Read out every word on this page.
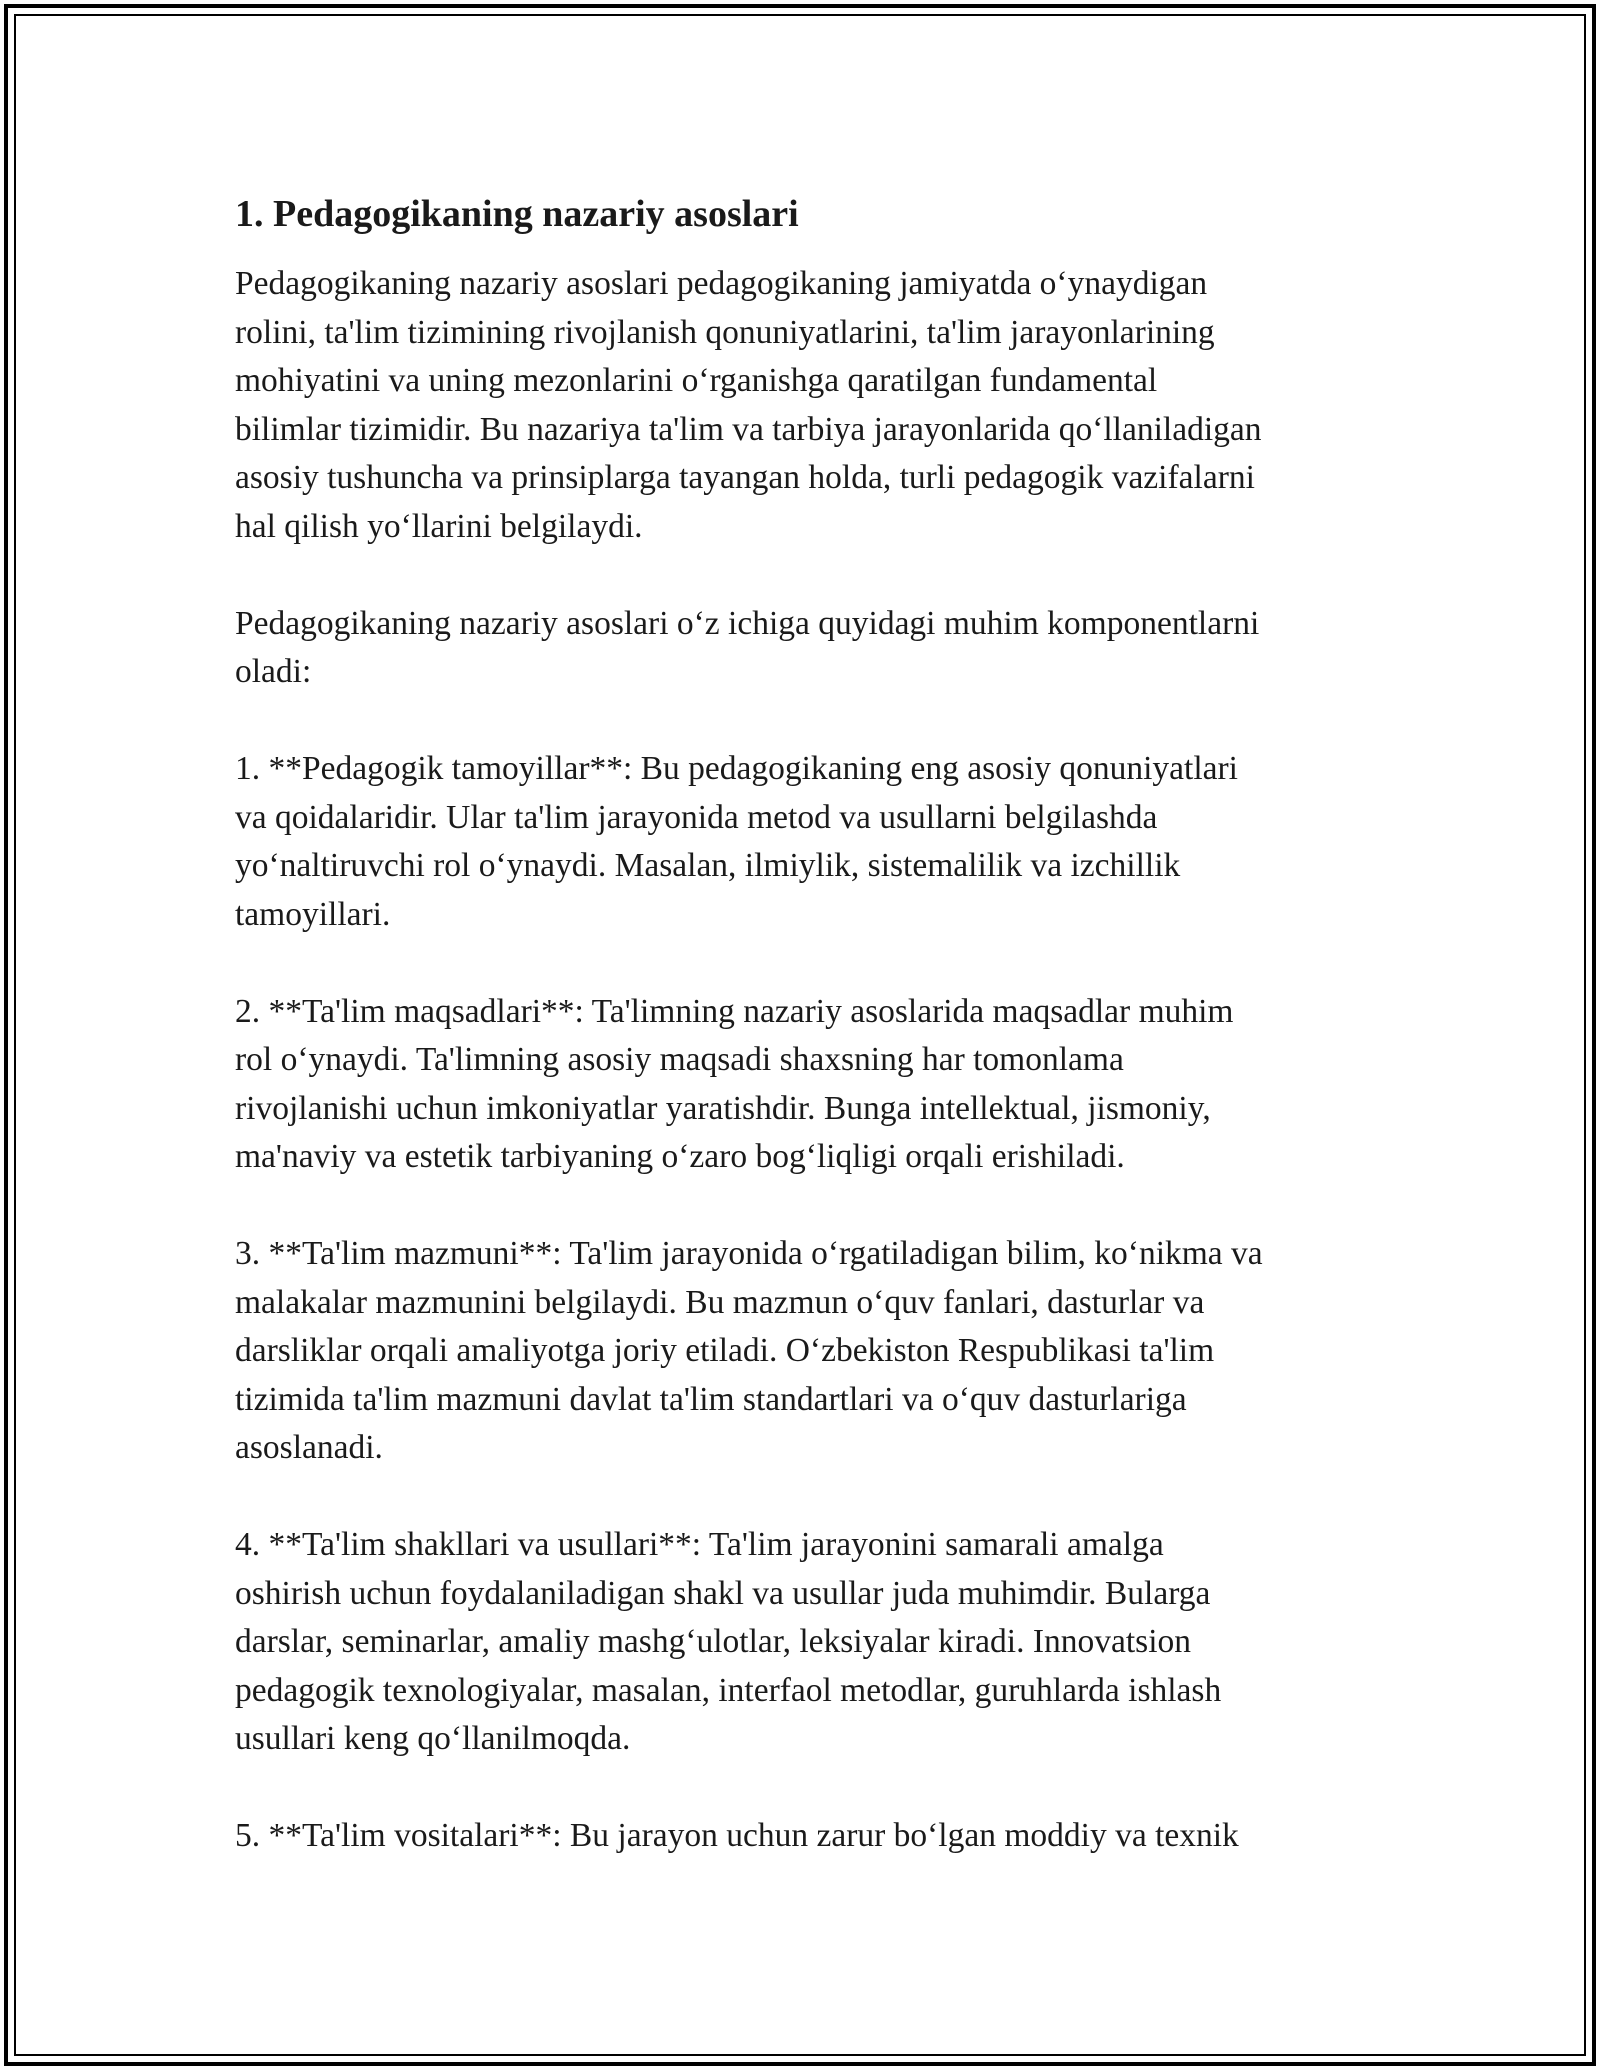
1. Pedagogikaning nazariy asoslari

Pedagogikaning nazariy asoslari pedagogikaning jamiyatda o‘ynaydigan
rolini, ta'lim tizimining rivojlanish qonuniyatlarini, ta'lim jarayonlarining
mohiyatini va uning mezonlarini o‘rganishga qaratilgan fundamental
bilimlar tizimidir. Bu nazariya ta'lim va tarbiya jarayonlarida qo‘llaniladigan
asosiy tushuncha va prinsiplarga tayangan holda, turli pedagogik vazifalarni
hal qilish yo‘llarini belgilaydi.

Pedagogikaning nazariy asoslari o‘z ichiga quyidagi muhim komponentlarni
oladi:

1. **Pedagogik tamoyillar**: Bu pedagogikaning eng asosiy qonuniyatlari
va qoidalaridir. Ular ta'lim jarayonida metod va usullarni belgilashda
yo‘naltiruvchi rol o‘ynaydi. Masalan, ilmiylik, sistemalilik va izchillik
tamoyillari.

2. **Ta'lim maqsadlari**: Ta'limning nazariy asoslarida maqsadlar muhim
rol o‘ynaydi. Ta'limning asosiy maqsadi shaxsning har tomonlama
rivojlanishi uchun imkoniyatlar yaratishdir. Bunga intellektual, jismoniy,
ma'naviy va estetik tarbiyaning o‘zaro bog‘liqligi orqali erishiladi.

3. **Ta'lim mazmuni**: Ta'lim jarayonida o‘rgatiladigan bilim, ko‘nikma va
malakalar mazmunini belgilaydi. Bu mazmun o‘quv fanlari, dasturlar va
darsliklar orqali amaliyotga joriy etiladi. O‘zbekiston Respublikasi ta'lim
tizimida ta'lim mazmuni davlat ta'lim standartlari va o‘quv dasturlariga
asoslanadi.

4. **Ta'lim shakllari va usullari**: Ta'lim jarayonini samarali amalga
oshirish uchun foydalaniladigan shakl va usullar juda muhimdir. Bularga
darslar, seminarlar, amaliy mashg‘ulotlar, leksiyalar kiradi. Innovatsion
pedagogik texnologiyalar, masalan, interfaol metodlar, guruhlarda ishlash
usullari keng qo‘llanilmoqda.

5. **Ta'lim vositalari**: Bu jarayon uchun zarur bo‘lgan moddiy va texnik
